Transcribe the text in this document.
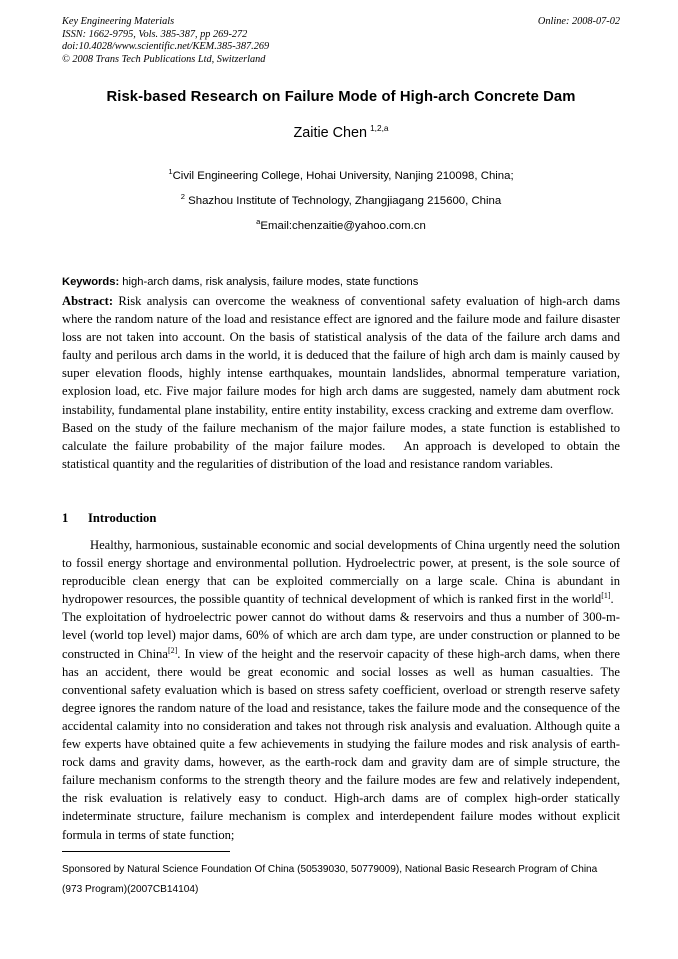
Key Engineering Materials
ISSN: 1662-9795, Vols. 385-387, pp 269-272
doi:10.4028/www.scientific.net/KEM.385-387.269
© 2008 Trans Tech Publications Ltd, Switzerland
Online: 2008-07-02
Risk-based Research on Failure Mode of High-arch Concrete Dam
Zaitie Chen $^{1,2,a}$
$^1$Civil Engineering College, Hohai University, Nanjing 210098, China;
$^2$ Shazhou Institute of Technology, Zhangjiagang 215600, China
$^a$Email:chenzaitie@yahoo.com.cn
Keywords: high-arch dams, risk analysis, failure modes, state functions
Abstract: Risk analysis can overcome the weakness of conventional safety evaluation of high-arch dams where the random nature of the load and resistance effect are ignored and the failure mode and failure disaster loss are not taken into account. On the basis of statistical analysis of the data of the failure arch dams and faulty and perilous arch dams in the world, it is deduced that the failure of high arch dam is mainly caused by super elevation floods, highly intense earthquakes, mountain landslides, abnormal temperature variation, explosion load, etc. Five major failure modes for high arch dams are suggested, namely dam abutment rock instability, fundamental plane instability, entire entity instability, excess cracking and extreme dam overflow.  Based on the study of the failure mechanism of the major failure modes, a state function is established to calculate the failure probability of the major failure modes.   An approach is developed to obtain the statistical quantity and the regularities of distribution of the load and resistance random variables.
1 Introduction
Healthy, harmonious, sustainable economic and social developments of China urgently need the solution to fossil energy shortage and environmental pollution. Hydroelectric power, at present, is the sole source of reproducible clean energy that can be exploited commercially on a large scale. China is abundant in hydropower resources, the possible quantity of technical development of which is ranked first in the world[1].  The exploitation of hydroelectric power cannot do without dams & reservoirs and thus a number of 300-m-level (world top level) major dams, 60% of which are arch dam type, are under construction or planned to be constructed in China[2]. In view of the height and the reservoir capacity of these high-arch dams, when there has an accident, there would be great economic and social losses as well as human casualties. The conventional safety evaluation which is based on stress safety coefficient, overload or strength reserve safety degree ignores the random nature of the load and resistance, takes the failure mode and the consequence of the accidental calamity into no consideration and takes not through risk analysis and evaluation. Although quite a few experts have obtained quite a few achievements in studying the failure modes and risk analysis of earth-rock dams and gravity dams, however, as the earth-rock dam and gravity dam are of simple structure, the failure mechanism conforms to the strength theory and the failure modes are few and relatively independent, the risk evaluation is relatively easy to conduct. High-arch dams are of complex high-order statically indeterminate structure, failure mechanism is complex and interdependent failure modes without explicit formula in terms of state function;
Sponsored by Natural Science Foundation Of China (50539030, 50779009), National Basic Research Program of China
(973 Program)(2007CB14104)
